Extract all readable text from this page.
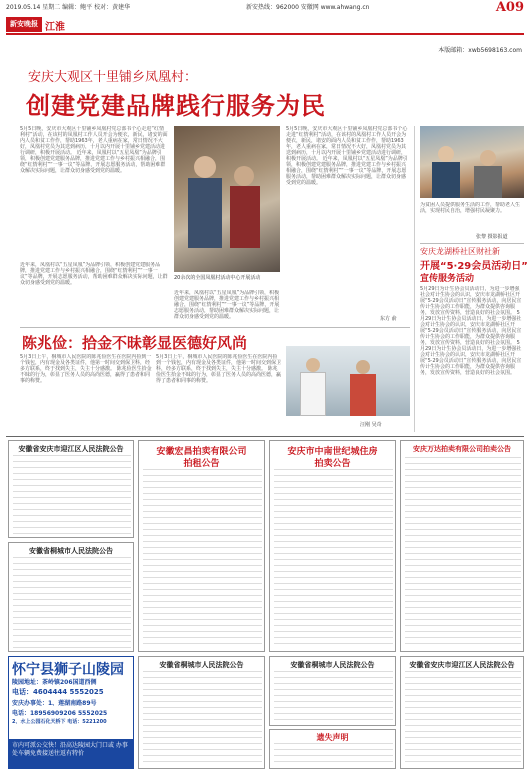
2019.05.14 星期二 编辑：鲍平 校对：黄建华	新安热线：962000 安徽网 www.ahwang.cn	A09
新安晚报 江淮
本版邮箱：xwb5698163.com
安庆大观区十里铺乡凤凰村：
创建党建品牌践行服务为民
5月5日晚，安庆市大观区十里铺乡凤凰村党总部书个心走进“红情利村”活动，在该村的凤凰村工作人员开会为便衣，新民，诸安的面内人员和贫工作作，帮助1963年，老人重病在家，常日情况不大好，凤凰村党员为其送到病历，十月以内开展十里铺乡党建活动进行调研，积极开展活动。 近年来，凤凰村以“五星凤凰”为品牌引领，积极创建党建服务品牌，推进党建工作与乡村振兴相融合，围绕“红情利村”“一事一议”等品牌，开展志愿服务活动，帮助困难群众解决实际问题，让群众切身感受到党的温暖。
近年来，凤凰村以“五星凤凰”为品牌引领，积极创建党建服务品牌，推进党建工作与乡村振兴相融合，围绕“红情利村”“一事一议”等品牌，开展志愿服务活动，帮助困难群众解决实际问题，让群众切身感受到党的温暖。
20余次的全国凤凰村活动中心开展活动
近年来，凤凰村以“五星凤凰”为品牌引领，积极创建党建服务品牌，推进党建工作与乡村振兴相融合，围绕“红情利村”“一事一议”等品牌，开展志愿服务活动，帮助困难群众解决实际问题，让群众切身感受到党的温暖。
5月5日晚，安庆市大观区十里铺乡凤凰村党总部书个心走进“红情利村”活动，在该村的凤凰村工作人员开会为便衣，新民，诸安的面内人员和贫工作作，帮助1963年，老人重病在家，常日情况不大好，凤凰村党员为其送到病历，十月以内开展十里铺乡党建活动进行调研，积极开展活动。 近年来，凤凰村以“五星凤凰”为品牌引领，积极创建党建服务品牌，推进党建工作与乡村振兴相融合，围绕“红情利村”“一事一议”等品牌，开展志愿服务活动，帮助困难群众解决实际问题，让群众切身感受到党的温暖。
东方 俞
为贫困人员提供服务生活的工作，帮助老人生活，实现村民自治，增强村民凝聚力。
张黎 摄影报道
安庆龙湖桥社区财社新
开展“5·29会员活动日”
宣传服务活动
5月29日为计生协会员活动日，为进一步增强社会对计生协会的认识，安庆市龙湖桥社区开展“5·29会员活动日”宣传服务活动，向居民宣传计生协会的工作职能，为群众提供咨询服务，发放宣传资料，营造良好的社会氛围。 5月29日为计生协会员活动日，为进一步增强社会对计生协会的认识，安庆市龙湖桥社区开展“5·29会员活动日”宣传服务活动，向居民宣传计生协会的工作职能，为群众提供咨询服务，发放宣传资料，营造良好的社会氛围。 5月29日为计生协会员活动日，为进一步增强社会对计生协会的认识，安庆市龙湖桥社区开展“5·29会员活动日”宣传服务活动，向居民宣传计生协会的工作职能，为群众提供咨询服务，发放宣传资料，营造良好的社会氛围。
陈兆俭：拾金不昧彰显医德好风尚
5月3日上午，桐城市人民医院的陈兆俭医生在医院内捡到一个钱包，内有现金及各类证件，他第一时间交到保卫科，经多方联系，终于找到失主，失主十分感激。 陈兆俭医生拾金不昧的行为，彰显了医务人员的高尚医德，赢得了患者和同事的称赞。
5月3日上午，桐城市人民医院的陈兆俭医生在医院内捡到一个钱包，内有现金及各类证件，他第一时间交到保卫科，经多方联系，终于找到失主，失主十分感激。 陈兆俭医生拾金不昧的行为，彰显了医务人员的高尚医德，赢得了患者和同事的称赞。
汪刚 吴奇
安徽省安庆市迎江区人民法院公告
安徽省桐城市人民法院公告
安徽宏昌拍卖有限公司
拍租公告
安庆市中南世纪城住房
拍卖公告
安庆万达拍卖有限公司拍卖公告
怀宁县狮子山陵园
陵园地址：茶岭镇206国道西侧
电话：4604444 5552025
安庆办事处：1、莲湖南路89号
电话：18956909206 5552025
2、水上公园石化天桥下 电话：5221200
市内可派公交快！沿高达陵园大门口或 办事处车辆免费接送往返有特价
安徽省桐城市人民法院公告	安徽省桐城市人民法院公告
遗失声明
安徽省安庆市迎江区人民法院公告
